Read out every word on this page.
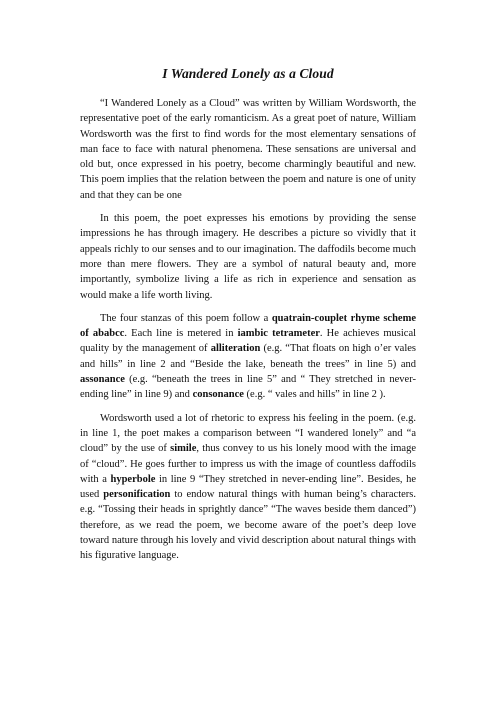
I Wandered Lonely as a Cloud

“I Wandered Lonely as a Cloud” was written by William Wordsworth, the representative poet of the early romanticism. As a great poet of nature, William Wordsworth was the first to find words for the most elementary sensations of man face to face with natural phenomena. These sensations are universal and old but, once expressed in his poetry, become charmingly beautiful and new. This poem implies that the relation between the poem and nature is one of unity and that they can be one

In this poem, the poet expresses his emotions by providing the sense impressions he has through imagery. He describes a picture so vividly that it appeals richly to our senses and to our imagination. The daffodils become much more than mere flowers. They are a symbol of natural beauty and, more importantly, symbolize living a life as rich in experience and sensation as would make a life worth living.

The four stanzas of this poem follow a quatrain-couplet rhyme scheme of ababcc. Each line is metered in iambic tetrameter. He achieves musical quality by the management of alliteration (e.g. “That floats on high o’er vales and hills” in line 2 and “Beside the lake, beneath the trees” in line 5) and assonance (e.g. “beneath the trees in line 5” and “ They stretched in never-ending line” in line 9) and consonance (e.g. “ vales and hills” in line 2 ).

Wordsworth used a lot of rhetoric to express his feeling in the poem. (e.g. in line 1, the poet makes a comparison between “I wandered lonely” and “a cloud” by the use of simile, thus convey to us his lonely mood with the image of “cloud”. He goes further to impress us with the image of countless daffodils with a hyperbole in line 9 “They stretched in never-ending line”. Besides, he used personification to endow natural things with human being’s characters. e.g. “Tossing their heads in sprightly dance” “The waves beside them danced”) therefore, as we read the poem, we become aware of the poet’s deep love toward nature through his lovely and vivid description about natural things with his figurative language.
